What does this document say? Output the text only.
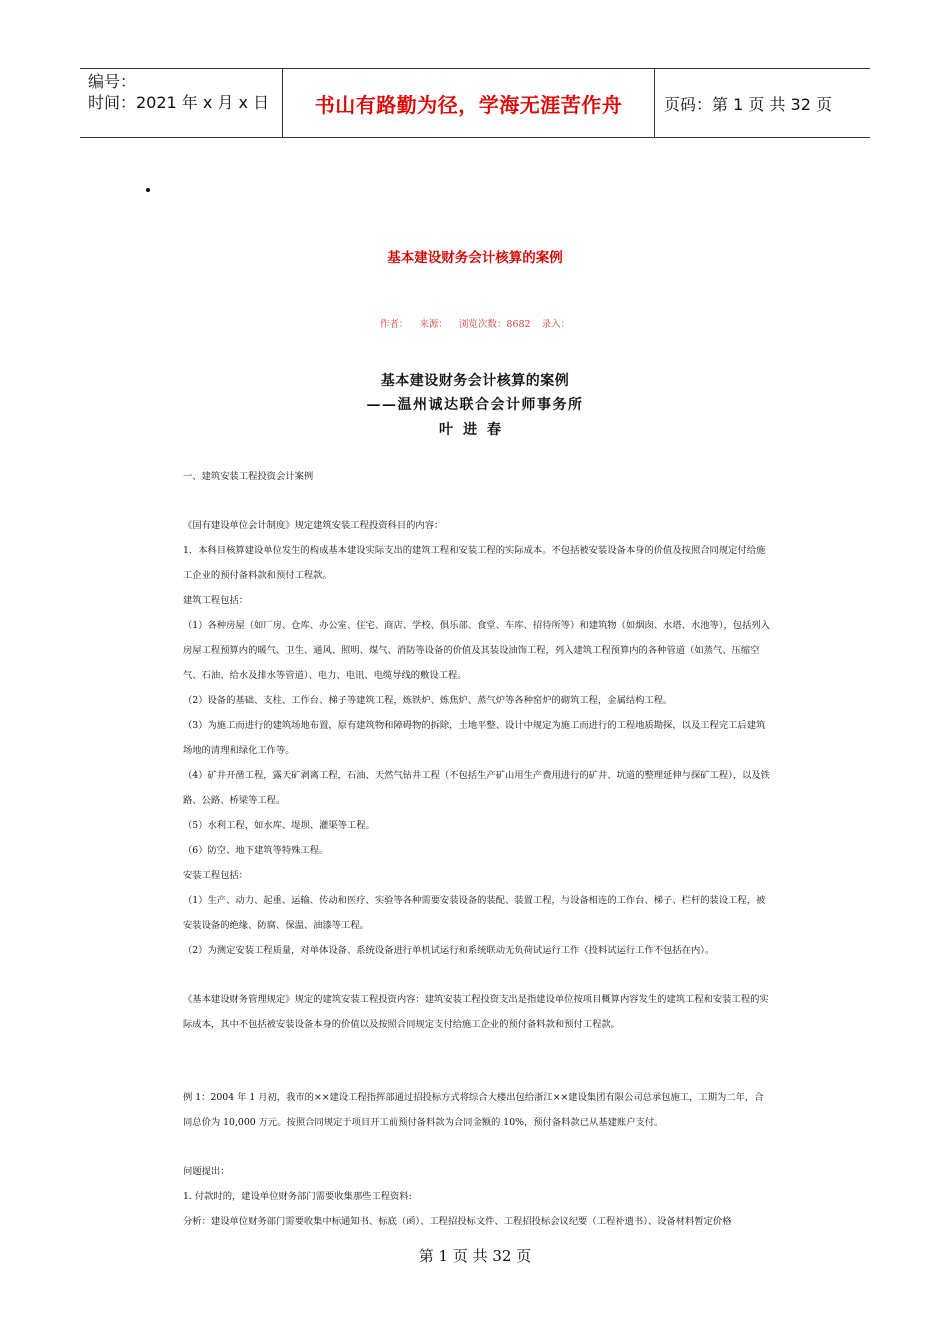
编号：
时间：2021 年 x 月 x 日	书山有路勤为径，学海无涯苦作舟	页码：第 1 页 共 32 页
基本建设财务会计核算的案例
作者： 来源： 浏览次数：8682 录入：
基本建设财务会计核算的案例
——温州诚达联合会计师事务所
叶进春

一、建筑安装工程投资会计案例

《国有建设单位会计制度》规定建筑安装工程投资科目的内容：

1．本科目核算建设单位发生的构成基本建设实际支出的建筑工程和安装工程的实际成本。不包括被安装设备本身的价值及按照合同规定付给施工企业的预付备料款和预付工程款。

建筑工程包括：

（1）各种房屋（如厂房、仓库、办公室、住宅、商店、学校、俱乐部、食堂、车库、招待所等）和建筑物（如烟囱、水塔、水池等），包括列入房屋工程预算内的暖气、卫生、通风、照明、煤气、消防等设备的价值及其装设油饰工程，列入建筑工程预算内的各种管道（如蒸气、压缩空气、石油、给水及排水等管道）、电力、电讯、电缆导线的敷设工程。

（2）设备的基础、支柱、工作台、梯子等建筑工程，炼铁炉、炼焦炉、蒸气炉等各种窑炉的砌筑工程，金属结构工程。

（3）为施工而进行的建筑场地布置，原有建筑物和障碍物的拆除，土地平整、设计中规定为施工而进行的工程地质勘探，以及工程完工后建筑场地的清理和绿化工作等。

（4）矿井开凿工程，露天矿剥离工程，石油、天然气钻井工程（不包括生产矿山用生产费用进行的矿井、坑道的整理延伸与探矿工程），以及铁路、公路、桥梁等工程。

（5）水利工程，如水库、堤坝、灌渠等工程。

（6）防空、地下建筑等特殊工程。

安装工程包括：

（1）生产、动力、起重、运输、传动和医疗、实验等各种需要安装设备的装配、装置工程，与设备相连的工作台、梯子、栏杆的装设工程，被安装设备的绝缘、防腐、保温、油漆等工程。

（2）为测定安装工程质量，对单体设备、系统设备进行单机试运行和系统联动无负荷试运行工作（投料试运行工作不包括在内）。

《基本建设财务管理规定》规定的建筑安装工程投资内容：建筑安装工程投资支出是指建设单位按项目概算内容发生的建筑工程和安装工程的实际成本，其中不包括被安装设备本身的价值以及按照合同规定支付给施工企业的预付备料款和预付工程款。

例 1：2004 年 1 月初，我市的××建设工程指挥部通过招投标方式将综合大楼出包给浙江××建设集团有限公司总承包施工，工期为二年，合同总价为 10,000 万元。按照合同规定于项目开工前预付备料款为合同金额的 10%，预付备料款已从基建账户支付。

问题提出：

1. 付款时的，建设单位财务部门需要收集那些工程资料:

分析：建设单位财务部门需要收集中标通知书、标底（函）、工程招投标文件、工程招投标会议纪要（工程补遗书）、设备材料暂定价格

第 1 页 共 32 页
